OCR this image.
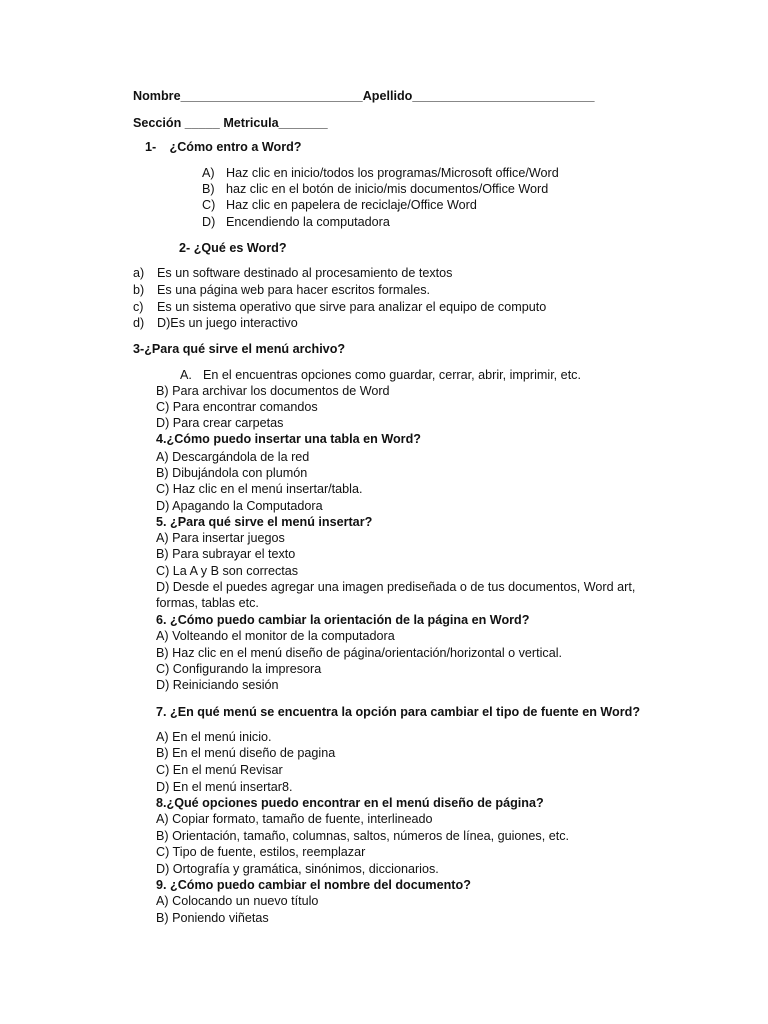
Nombre__________________________Apellido__________________________
Sección _____ Metricula_______
1- ¿Cómo entro a Word?
A) Haz clic en inicio/todos los programas/Microsoft office/Word
B) haz clic en el botón de inicio/mis documentos/Office Word
C) Haz clic en papelera de reciclaje/Office Word
D) Encendiendo la computadora
2- ¿Qué es Word?
a) Es un software destinado al procesamiento de textos
b) Es una página web para hacer escritos formales.
c) Es un sistema operativo que sirve para analizar el equipo de computo
d) D)Es un juego interactivo
3-¿Para qué sirve el menú archivo?
A. En el encuentras opciones como guardar, cerrar, abrir, imprimir, etc.
B) Para archivar los documentos de Word
C) Para encontrar comandos
D) Para crear carpetas
4.¿Cómo puedo insertar una tabla en Word?
A) Descargándola de la red
B) Dibujándola con plumón
C) Haz clic en el menú insertar/tabla.
D) Apagando la Computadora
5. ¿Para qué sirve el menú insertar?
A) Para insertar juegos
B) Para subrayar el texto
C) La A y B son correctas
D) Desde el puedes agregar una imagen prediseñada o de tus documentos, Word art,
formas, tablas etc.
6. ¿Cómo puedo cambiar la orientación de la página en Word?
A) Volteando el monitor de la computadora
B) Haz clic en el menú diseño de página/orientación/horizontal o vertical.
C) Configurando la impresora
D) Reiniciando sesión
7. ¿En qué menú se encuentra la opción para cambiar el tipo de fuente en Word?
A) En el menú inicio.
B) En el menú diseño de pagina
C) En el menú Revisar
D) En el menú insertar8.
8.¿Qué opciones puedo encontrar en el menú diseño de página?
A) Copiar formato, tamaño de fuente, interlineado
B) Orientación, tamaño, columnas, saltos, números de línea, guiones, etc.
C) Tipo de fuente, estilos, reemplazar
D) Ortografía y gramática, sinónimos, diccionarios.
9. ¿Cómo puedo cambiar el nombre del documento?
A) Colocando un nuevo título
B) Poniendo viñetas
